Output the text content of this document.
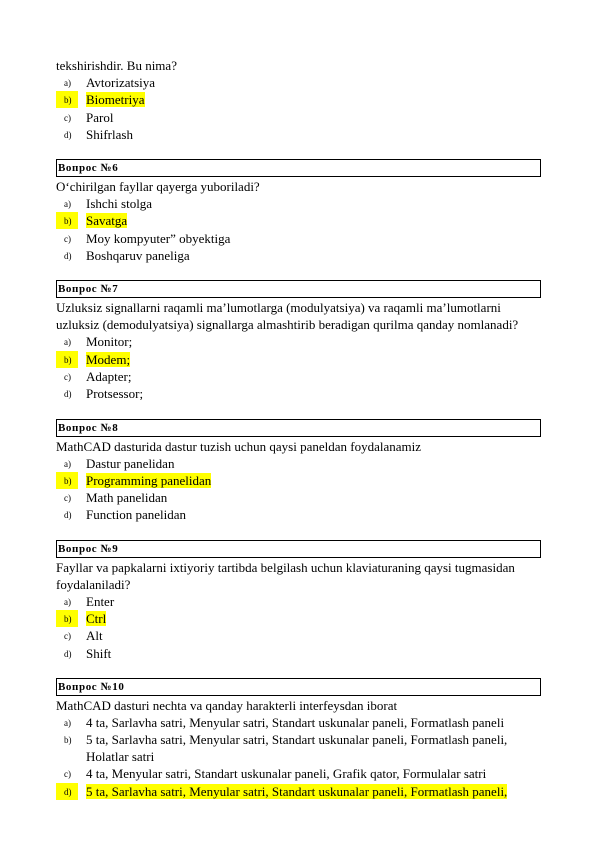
tekshirishdir. Bu nima?
a)	Avtorizatsiya
b)	Biometriya
c)	Parol
d)	Shifrlash
Вопрос №6
O‘chirilgan fayllar qayerga yuboriladi?
a)	Ishchi stolga
b)	Savatga
c)	Moy kompyuter” obyektiga
d)	Boshqaruv paneliga
Вопрос №7
Uzluksiz signallarni raqamli ma’lumotlarga (modulyatsiya) va raqamli ma’lumotlarni uzluksiz (demodulyatsiya) signallarga almashtirib beradigan qurilma qanday nomlanadi?
a)	Monitor;
b)	Modem;
c)	Adapter;
d)	Protsessor;
Вопрос №8
MathCAD dasturida dastur tuzish uchun qaysi paneldan foydalanamiz
a)	Dastur panelidan
b)	Programming panelidan
c)	Math panelidan
d)	Function panelidan
Вопрос №9
Fayllar va papkalarni ixtiyoriy tartibda belgilash uchun klaviaturaning qaysi tugmasidan foydalaniladi?
a)	Enter
b)	Ctrl
c)	Alt
d)	Shift
Вопрос №10
MathCAD dasturi nechta va qanday harakterli interfeysdan iborat
a)	4 ta, Sarlavha satri, Menyular satri, Standart uskunalar paneli, Formatlash paneli
b)	5 ta, Sarlavha satri, Menyular satri, Standart uskunalar paneli, Formatlash paneli, Holatlar satri
c)	4 ta, Menyular satri, Standart uskunalar paneli, Grafik qator, Formulalar satri
d)	5 ta, Sarlavha satri, Menyular satri, Standart uskunalar paneli, Formatlash paneli,
